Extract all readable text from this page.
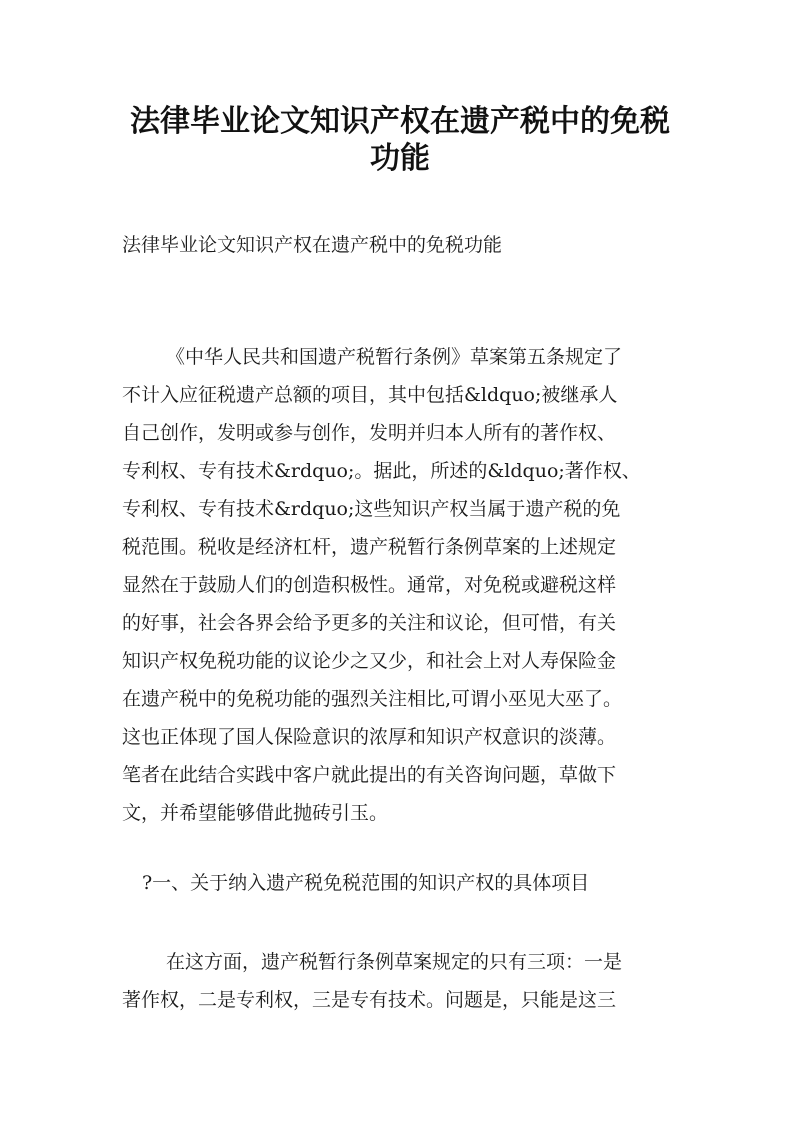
法律毕业论文知识产权在遗产税中的免税
功能
法律毕业论文知识产权在遗产税中的免税功能
《中华人民共和国遗产税暂行条例》草案第五条规定了
不计入应征税遗产总额的项目，其中包括&ldquo;被继承人
自己创作，发明或参与创作，发明并归本人所有的著作权、
专利权、专有技术&rdquo;。据此，所述的&ldquo;著作权、
专利权、专有技术&rdquo;这些知识产权当属于遗产税的免
税范围。税收是经济杠杆，遗产税暂行条例草案的上述规定
显然在于鼓励人们的创造积极性。通常，对免税或避税这样
的好事，社会各界会给予更多的关注和议论，但可惜，有关
知识产权免税功能的议论少之又少，和社会上对人寿保险金
在遗产税中的免税功能的强烈关注相比,可谓小巫见大巫了。
这也正体现了国人保险意识的浓厚和知识产权意识的淡薄。
笔者在此结合实践中客户就此提出的有关咨询问题，草做下
文，并希望能够借此抛砖引玉。
?一、关于纳入遗产税免税范围的知识产权的具体项目
在这方面，遗产税暂行条例草案规定的只有三项：一是
著作权，二是专利权，三是专有技术。问题是，只能是这三
